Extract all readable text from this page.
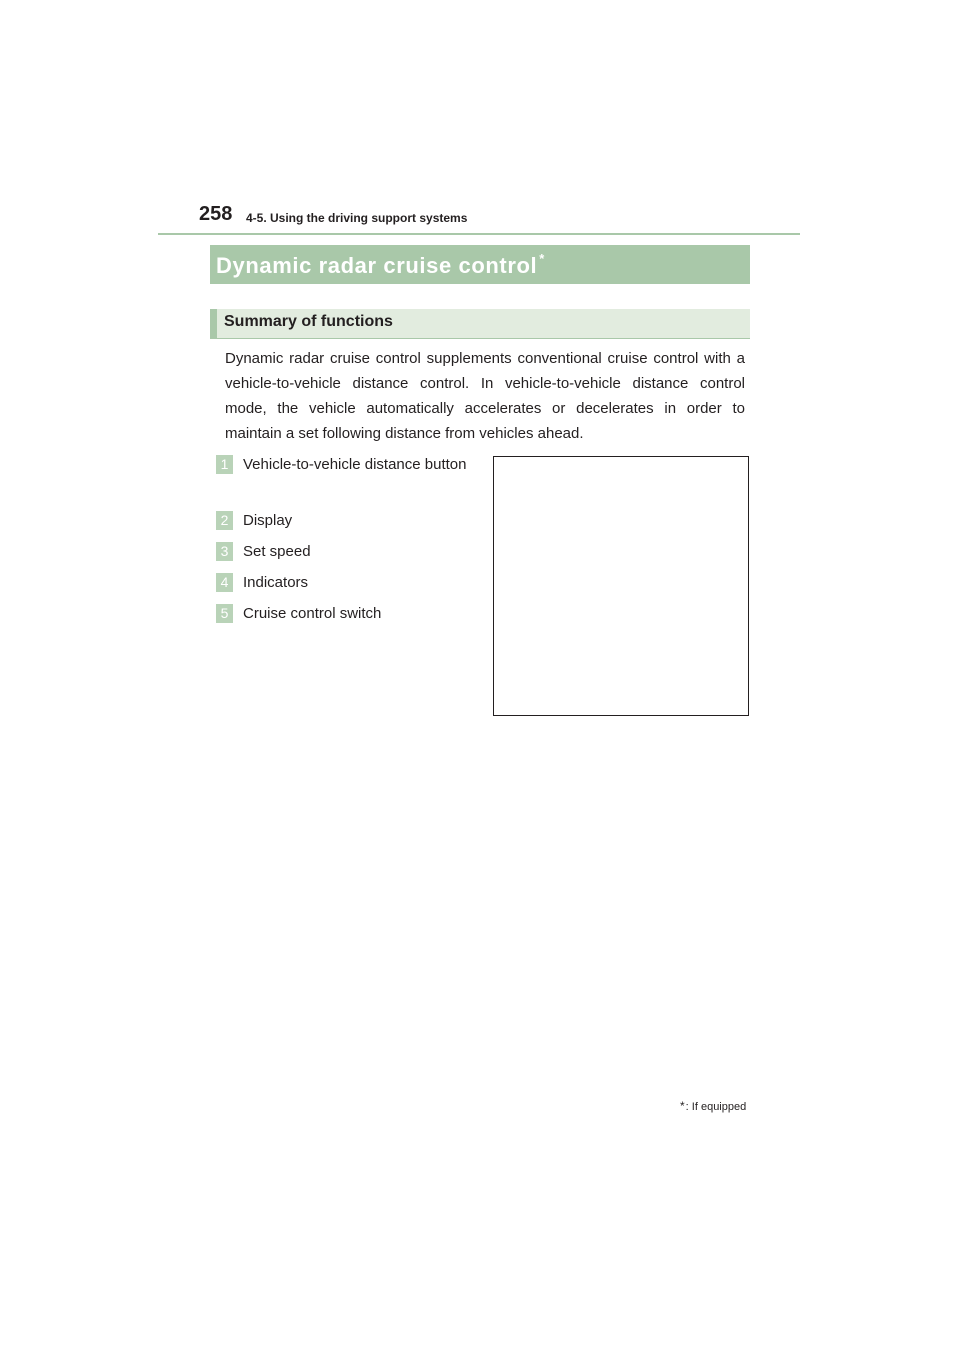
258 4-5. Using the driving support systems
Dynamic radar cruise control *
Summary of functions
Dynamic radar cruise control supplements conventional cruise control with a vehicle-to-vehicle distance control. In vehicle-to-vehicle distance control mode, the vehicle automatically accelerates or decelerates in order to maintain a set following distance from vehicles ahead.
1 Vehicle-to-vehicle distance button
2 Display
3 Set speed
4 Indicators
5 Cruise control switch
*: If equipped
